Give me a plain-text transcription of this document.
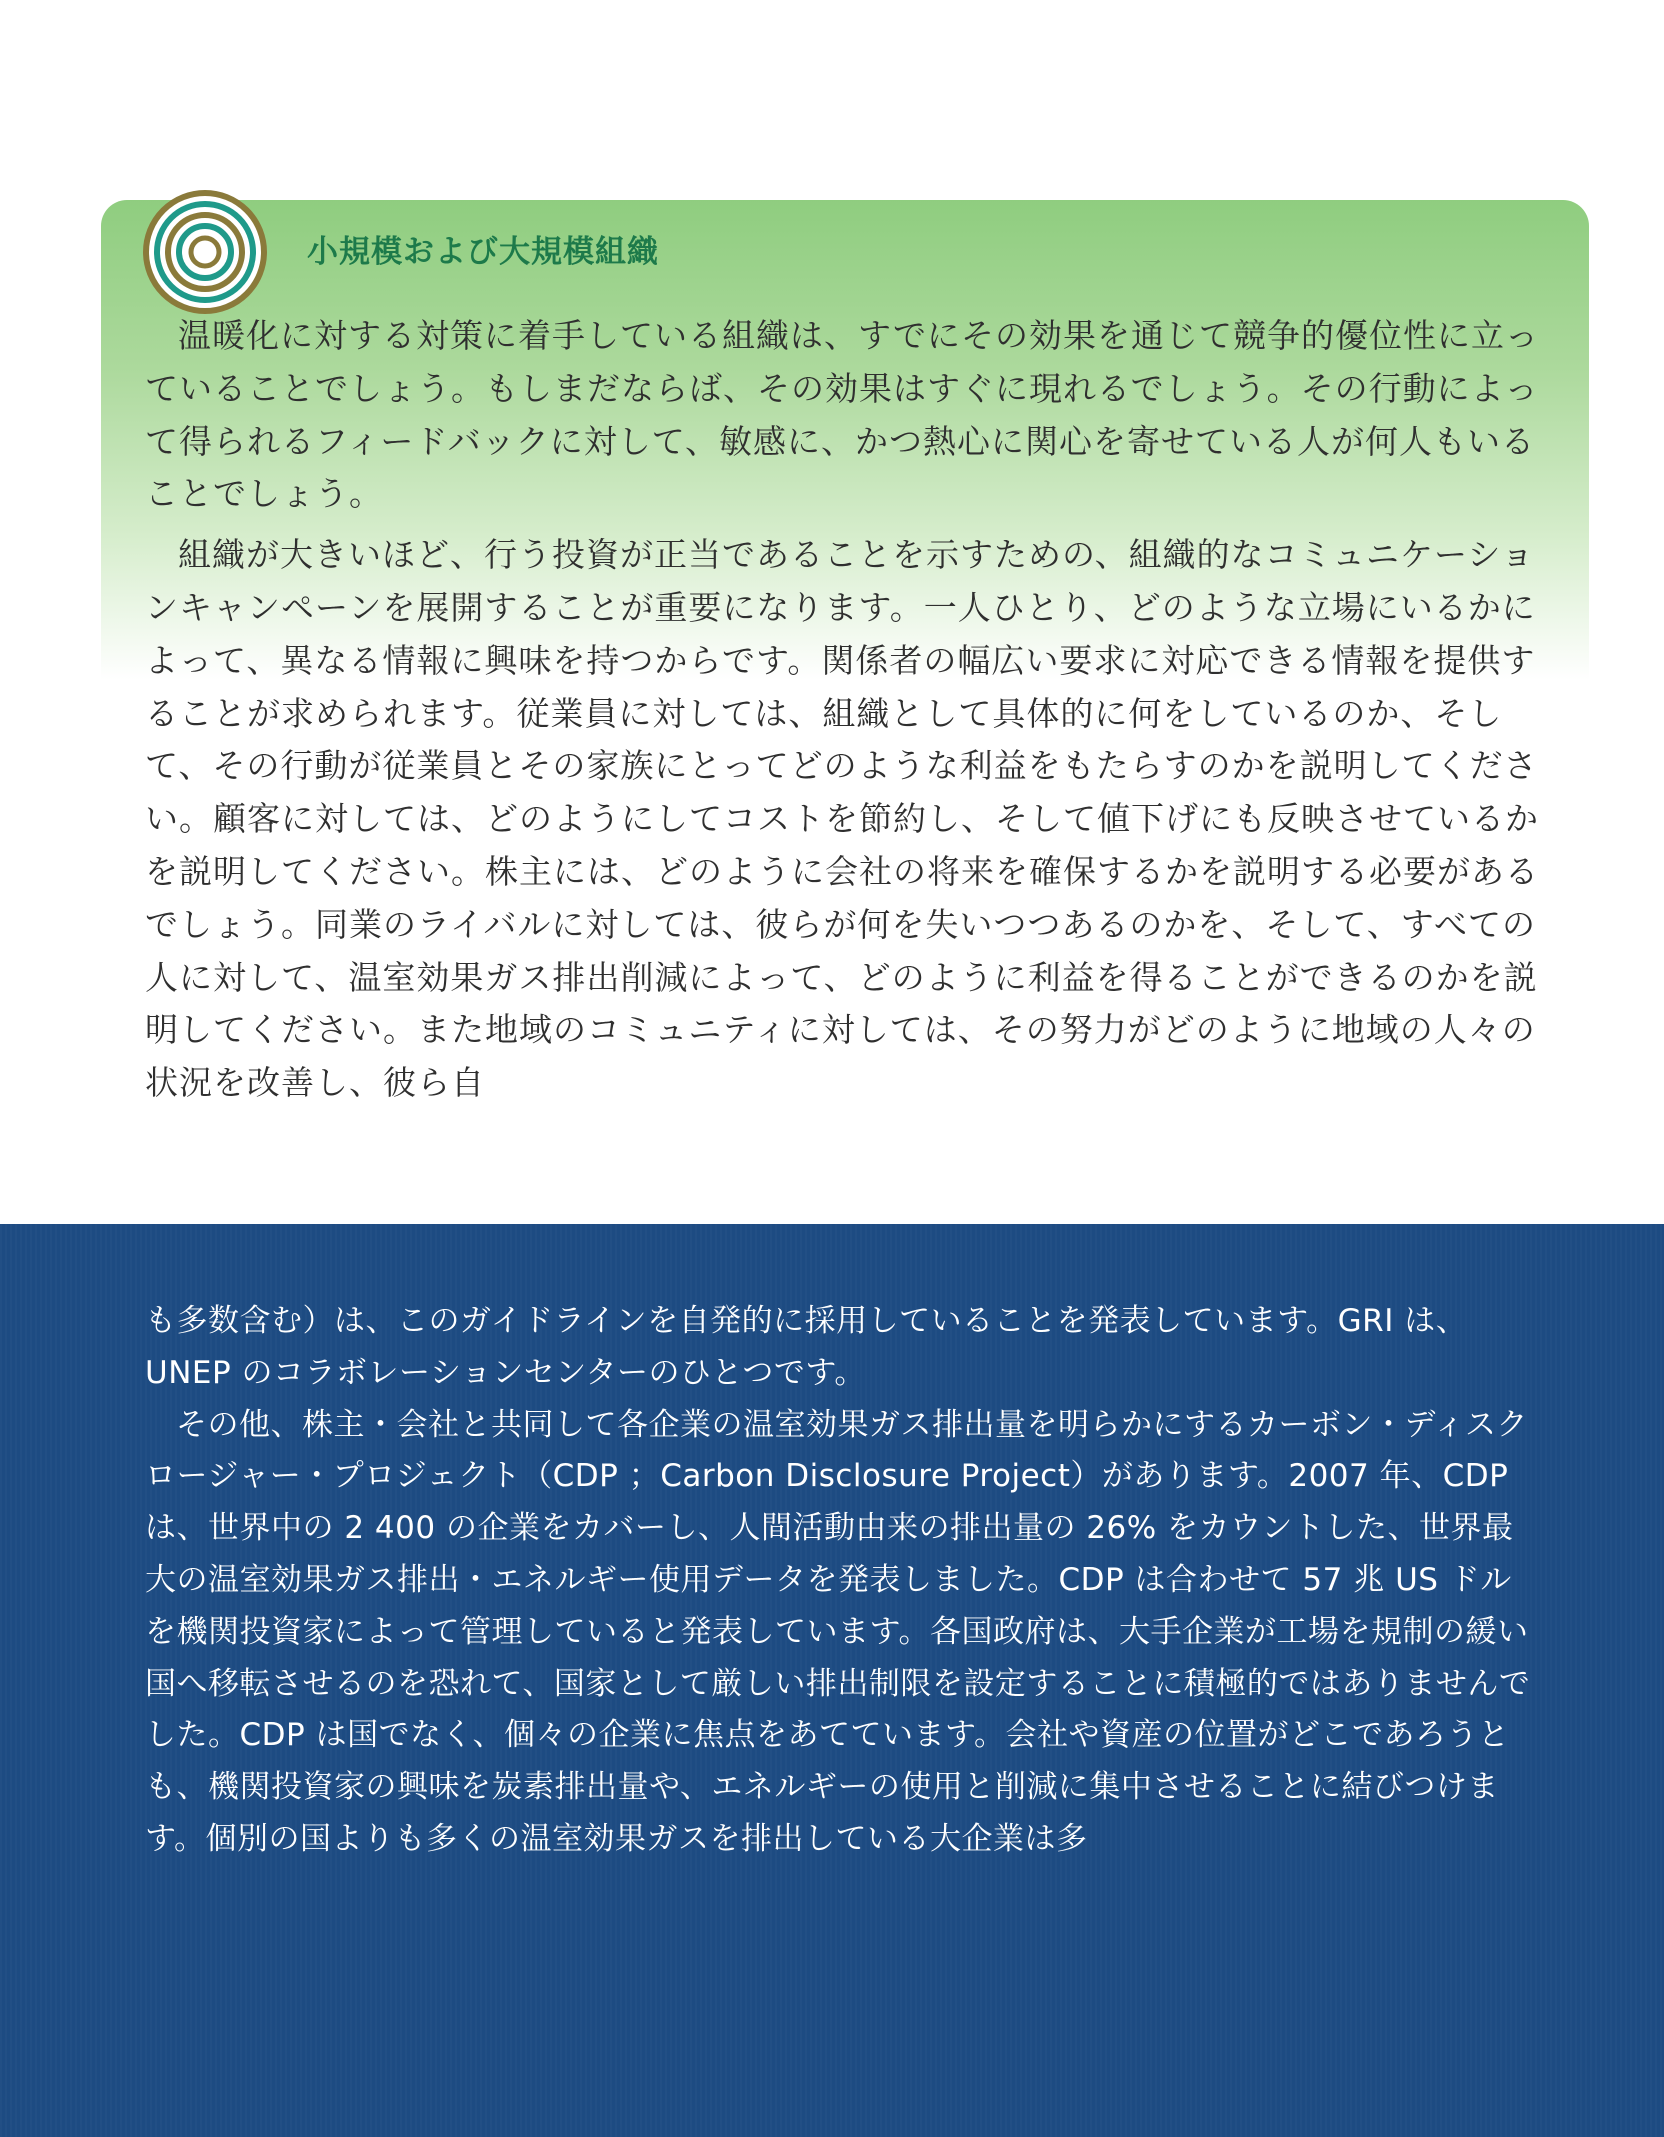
小規模および大規模組織

温暖化に対する対策に着手している組織は、すでにその効果を通じて競争的優位性に立っていることでしょう。もしまだならば、その効果はすぐに現れるでしょう。その行動によって得られるフィードバックに対して、敏感に、かつ熱心に関心を寄せている人が何人もいることでしょう。

組織が大きいほど、行う投資が正当であることを示すための、組織的なコミュニケーションキャンペーンを展開することが重要になります。一人ひとり、どのような立場にいるかによって、異なる情報に興味を持つからです。関係者の幅広い要求に対応できる情報を提供することが求められます。従業員に対しては、組織として具体的に何をしているのか、そして、その行動が従業員とその家族にとってどのような利益をもたらすのかを説明してください。顧客に対しては、どのようにしてコストを節約し、そして値下げにも反映させているかを説明してください。株主には、どのように会社の将来を確保するかを説明する必要があるでしょう。同業のライバルに対しては、彼らが何を失いつつあるのかを、そして、すべての人に対して、温室効果ガス排出削減によって、どのように利益を得ることができるのかを説明してください。また地域のコミュニティに対しては、その努力がどのように地域の人々の状況を改善し、彼ら自

も多数含む）は、このガイドラインを自発的に採用していることを発表しています。GRI は、UNEP のコラボレーションセンターのひとつです。

その他、株主・会社と共同して各企業の温室効果ガス排出量を明らかにするカーボン・ディスクロージャー・プロジェクト（CDP ；Carbon Disclosure Project）があります。2007 年、CDP は、世界中の 2 400 の企業をカバーし、人間活動由来の排出量の 26% をカウントした、世界最大の温室効果ガス排出・エネルギー使用データを発表しました。CDP は合わせて 57 兆 US ドルを機関投資家によって管理していると発表しています。各国政府は、大手企業が工場を規制の緩い国へ移転させるのを恐れて、国家として厳しい排出制限を設定することに積極的ではありませんでした。CDP は国でなく、個々の企業に焦点をあてています。会社や資産の位置がどこであろうとも、機関投資家の興味を炭素排出量や、エネルギーの使用と削減に集中させることに結びつけます。個別の国よりも多くの温室効果ガスを排出している大企業は多
